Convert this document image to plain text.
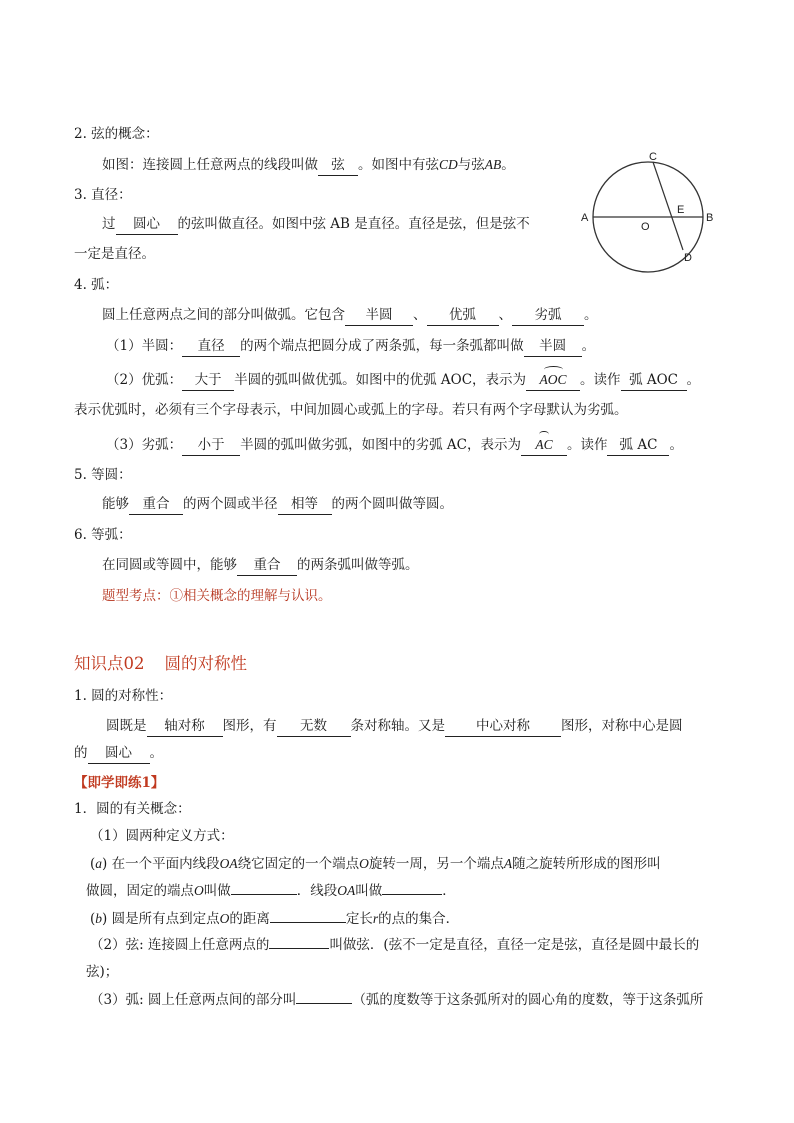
2. 弦的概念：
如图：连接圆上任意两点的线段叫做 弦 。如图中有弦CD与弦AB。
3. 直径：
过 圆心 的弦叫做直径。如图中弦 AB 是直径。直径是弦，但是弦不
一定是直径。
A	B
C
D
E
O
4. 弧：
圆上任意两点之间的部分叫做弧。它包含 半圆 、 优弧 、 劣弧 。
（1）半圆： 直径 的两个端点把圆分成了两条弧，每一条弧都叫做 半圆 。
（2）优弧： 大于 半圆的弧叫做优弧。如图中的优弧 AOC，表示为 AOC 。读作 弧 AOC 。
表示优弧时，必须有三个字母表示，中间加圆心或弧上的字母。若只有两个字母默认为劣弧。
（3）劣弧： 小于 半圆的弧叫做劣弧，如图中的劣弧 AC，表示为 AC 。读作 弧 AC 。
5. 等圆：
能够 重合 的两个圆或半径 相等 的两个圆叫做等圆。
6. 等弧：
在同圆或等圆中，能够 重合 的两条弧叫做等弧。
题型考点：①相关概念的理解与认识。
知识点02 圆的对称性
1. 圆的对称性：
圆既是 轴对称 图形，有 无数 条对称轴。又是 中心对称 图形，对称中心是圆
的 圆心 。
【即学即练1】
1．圆的有关概念：
（1）圆两种定义方式：
(a) 在一个平面内线段OA绕它固定的一个端点O旋转一周，另一个端点A随之旋转所形成的图形叫
做圆，固定的端点O叫做	．线段OA叫做	．
(b) 圆是所有点到定点O的距离	定长r的点的集合．
（2）弦: 连接圆上任意两点的	叫做弦．(弦不一定是直径，直径一定是弦，直径是圆中最长的
弦)；
（3）弧: 圆上任意两点间的部分叫	（弧的度数等于这条弧所对的圆心角的度数，等于这条弧所
